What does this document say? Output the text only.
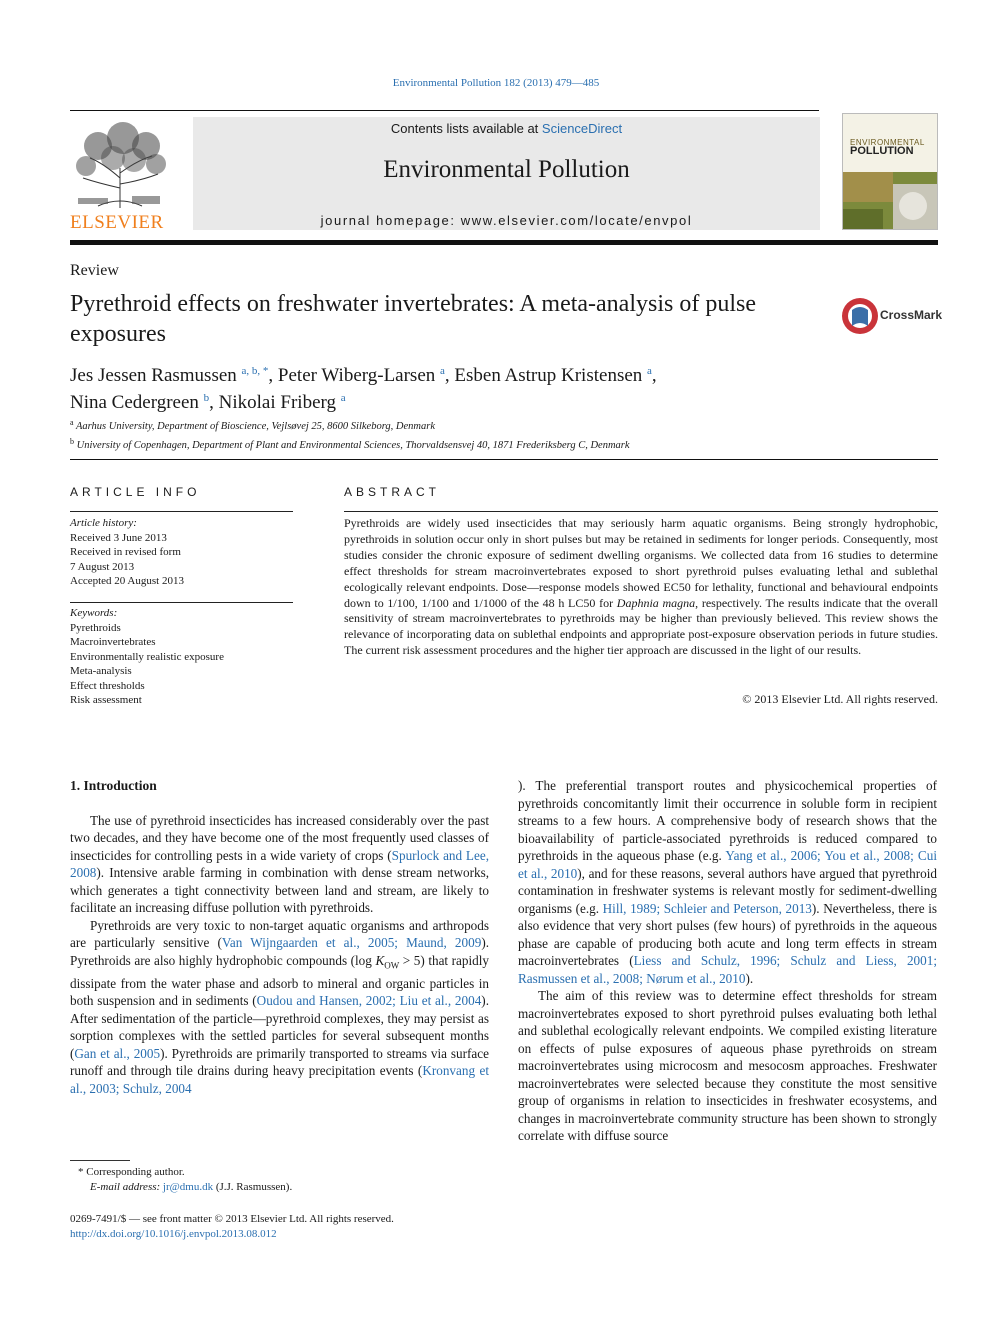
Environmental Pollution 182 (2013) 479—485
ELSEVIER
Contents lists available at ScienceDirect
Environmental Pollution
journal homepage: www.elsevier.com/locate/envpol
ENVIRONMENTAL
POLLUTION
Review
Pyrethroid effects on freshwater invertebrates: A meta-analysis of pulse exposures
CrossMark
Jes Jessen Rasmussen $^{a, b, *}$, Peter Wiberg-Larsen $^a$, Esben Astrup Kristensen $^a$,
Nina Cedergreen $^b$, Nikolai Friberg $^a$
$^a$ Aarhus University, Department of Bioscience, Vejlsøvej 25, 8600 Silkeborg, Denmark
$^b$ University of Copenhagen, Department of Plant and Environmental Sciences, Thorvaldsensvej 40, 1871 Frederiksberg C, Denmark
ARTICLE INFO
Article history:
Received 3 June 2013
Received in revised form
7 August 2013
Accepted 20 August 2013
Keywords:
Pyrethroids
Macroinvertebrates
Environmentally realistic exposure
Meta-analysis
Effect thresholds
Risk assessment
ABSTRACT
Pyrethroids are widely used insecticides that may seriously harm aquatic organisms. Being strongly hydrophobic, pyrethroids in solution occur only in short pulses but may be retained in sediments for longer periods. Consequently, most studies consider the chronic exposure of sediment dwelling organisms. We collected data from 16 studies to determine effect thresholds for stream macroinvertebrates exposed to short pyrethroid pulses evaluating lethal and sublethal ecologically relevant endpoints. Dose—response models showed EC50 for lethality, functional and behavioural endpoints down to 1/100, 1/100 and 1/1000 of the 48 h LC50 for Daphnia magna, respectively. The results indicate that the overall sensitivity of stream macroinvertebrates to pyrethroids may be higher than previously believed. This review shows the relevance of incorporating data on sublethal endpoints and appropriate post-exposure observation periods in future studies. The current risk assessment procedures and the higher tier approach are discussed in the light of our results.
© 2013 Elsevier Ltd. All rights reserved.
1. Introduction

The use of pyrethroid insecticides has increased considerably over the past two decades, and they have become one of the most frequently used classes of insecticides for controlling pests in a wide variety of crops (Spurlock and Lee, 2008). Intensive arable farming in combination with dense stream networks, which generates a tight connectivity between land and stream, are likely to facilitate an increasing diffuse pollution with pyrethroids.

Pyrethroids are very toxic to non-target aquatic organisms and arthropods are particularly sensitive (Van Wijngaarden et al., 2005; Maund, 2009). Pyrethroids are also highly hydrophobic compounds (log $K_{OW} > 5$) that rapidly dissipate from the water phase and adsorb to mineral and organic particles in both suspension and in sediments (Oudou and Hansen, 2002; Liu et al., 2004). After sedimentation of the particle—pyrethroid complexes, they may persist as sorption complexes with the settled particles for several subsequent months (Gan et al., 2005). Pyrethroids are primarily transported to streams via surface runoff and through tile drains during heavy precipitation events (Kronvang et al., 2003; Schulz, 2004

). The preferential transport routes and physicochemical properties of pyrethroids concomitantly limit their occurrence in soluble form in recipient streams to a few hours. A comprehensive body of research shows that the bioavailability of particle-associated pyrethroids is reduced compared to pyrethroids in the aqueous phase (e.g. Yang et al., 2006; You et al., 2008; Cui et al., 2010), and for these reasons, several authors have argued that pyrethroid contamination in freshwater systems is relevant mostly for sediment-dwelling organisms (e.g. Hill, 1989; Schleier and Peterson, 2013). Nevertheless, there is also evidence that very short pulses (few hours) of pyrethroids in the aqueous phase are capable of producing both acute and long term effects in stream macroinvertebrates (Liess and Schulz, 1996; Schulz and Liess, 2001; Rasmussen et al., 2008; Nørum et al., 2010).

The aim of this review was to determine effect thresholds for stream macroinvertebrates exposed to short pyrethroid pulses evaluating both lethal and sublethal ecologically relevant endpoints. We compiled existing literature on effects of pulse exposures of aqueous phase pyrethroids on stream macroinvertebrates using microcosm and mesocosm approaches. Freshwater macroinvertebrates were selected because they constitute the most sensitive group of organisms in relation to insecticides in freshwater ecosystems, and changes in macroinvertebrate community structure has been shown to strongly correlate with diffuse source

* Corresponding author.
E-mail address: jr@dmu.dk (J.J. Rasmussen).
0269-7491/$ — see front matter © 2013 Elsevier Ltd. All rights reserved.
http://dx.doi.org/10.1016/j.envpol.2013.08.012
